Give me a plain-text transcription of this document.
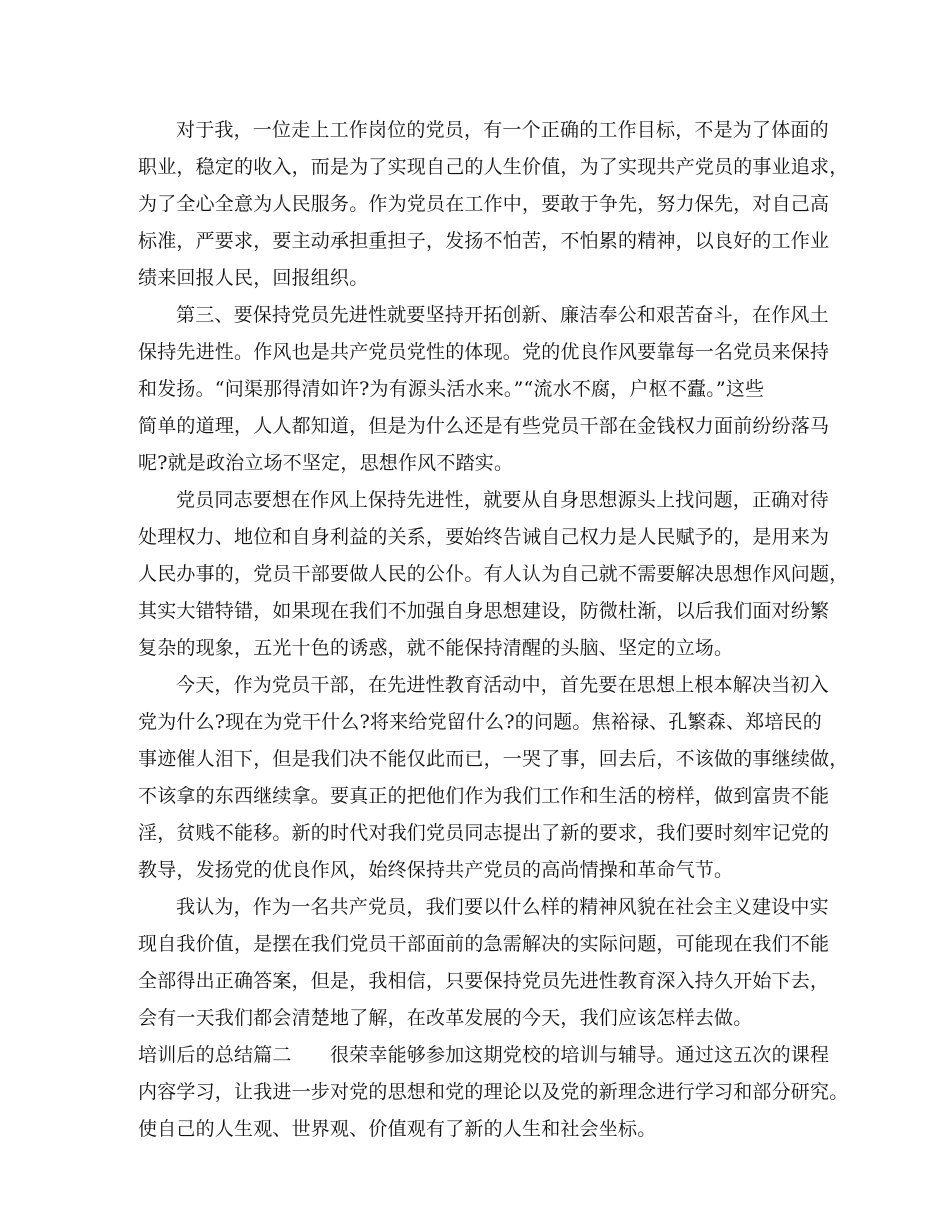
对于我，一位走上工作岗位的党员，有一个正确的工作目标，不是为了体面的
职业，稳定的收入，而是为了实现自己的人生价值，为了实现共产党员的事业追求，
为了全心全意为人民服务。作为党员在工作中，要敢于争先，努力保先，对自己高
标准，严要求，要主动承担重担子，发扬不怕苦，不怕累的精神，以良好的工作业
绩来回报人民，回报组织。
第三、要保持党员先进性就要坚持开拓创新、廉洁奉公和艰苦奋斗，在作风土
保持先进性。作风也是共产党员党性的体现。党的优良作风要靠每一名党员来保持
和发扬。“问渠那得清如许?为有源头活水来。”“流水不腐，户枢不蠹。”这些
简单的道理，人人都知道，但是为什么还是有些党员干部在金钱权力面前纷纷落马
呢?就是政治立场不坚定，思想作风不踏实。
党员同志要想在作风上保持先进性，就要从自身思想源头上找问题，正确对待
处理权力、地位和自身利益的关系，要始终告诫自己权力是人民赋予的，是用来为
人民办事的，党员干部要做人民的公仆。有人认为自己就不需要解决思想作风问题，
其实大错特错，如果现在我们不加强自身思想建设，防微杜渐，以后我们面对纷繁
复杂的现象，五光十色的诱惑，就不能保持清醒的头脑、坚定的立场。
今天，作为党员干部，在先进性教育活动中，首先要在思想上根本解决当初入
党为什么?现在为党干什么?将来给党留什么?的问题。焦裕禄、孔繁森、郑培民的
事迹催人泪下，但是我们决不能仅此而已，一哭了事，回去后，不该做的事继续做，
不该拿的东西继续拿。要真正的把他们作为我们工作和生活的榜样，做到富贵不能
淫，贫贱不能移。新的时代对我们党员同志提出了新的要求，我们要时刻牢记党的
教导，发扬党的优良作风，始终保持共产党员的高尚情操和革命气节。
我认为，作为一名共产党员，我们要以什么样的精神风貌在社会主义建设中实
现自我价值，是摆在我们党员干部面前的急需解决的实际问题，可能现在我们不能
全部得出正确答案，但是，我相信，只要保持党员先进性教育深入持久开始下去，
会有一天我们都会清楚地了解，在改革发展的今天，我们应该怎样去做。
培训后的总结篇二　　很荣幸能够参加这期党校的培训与辅导。通过这五次的课程
内容学习，让我进一步对党的思想和党的理论以及党的新理念进行学习和部分研究。
使自己的人生观、世界观、价值观有了新的人生和社会坐标。
